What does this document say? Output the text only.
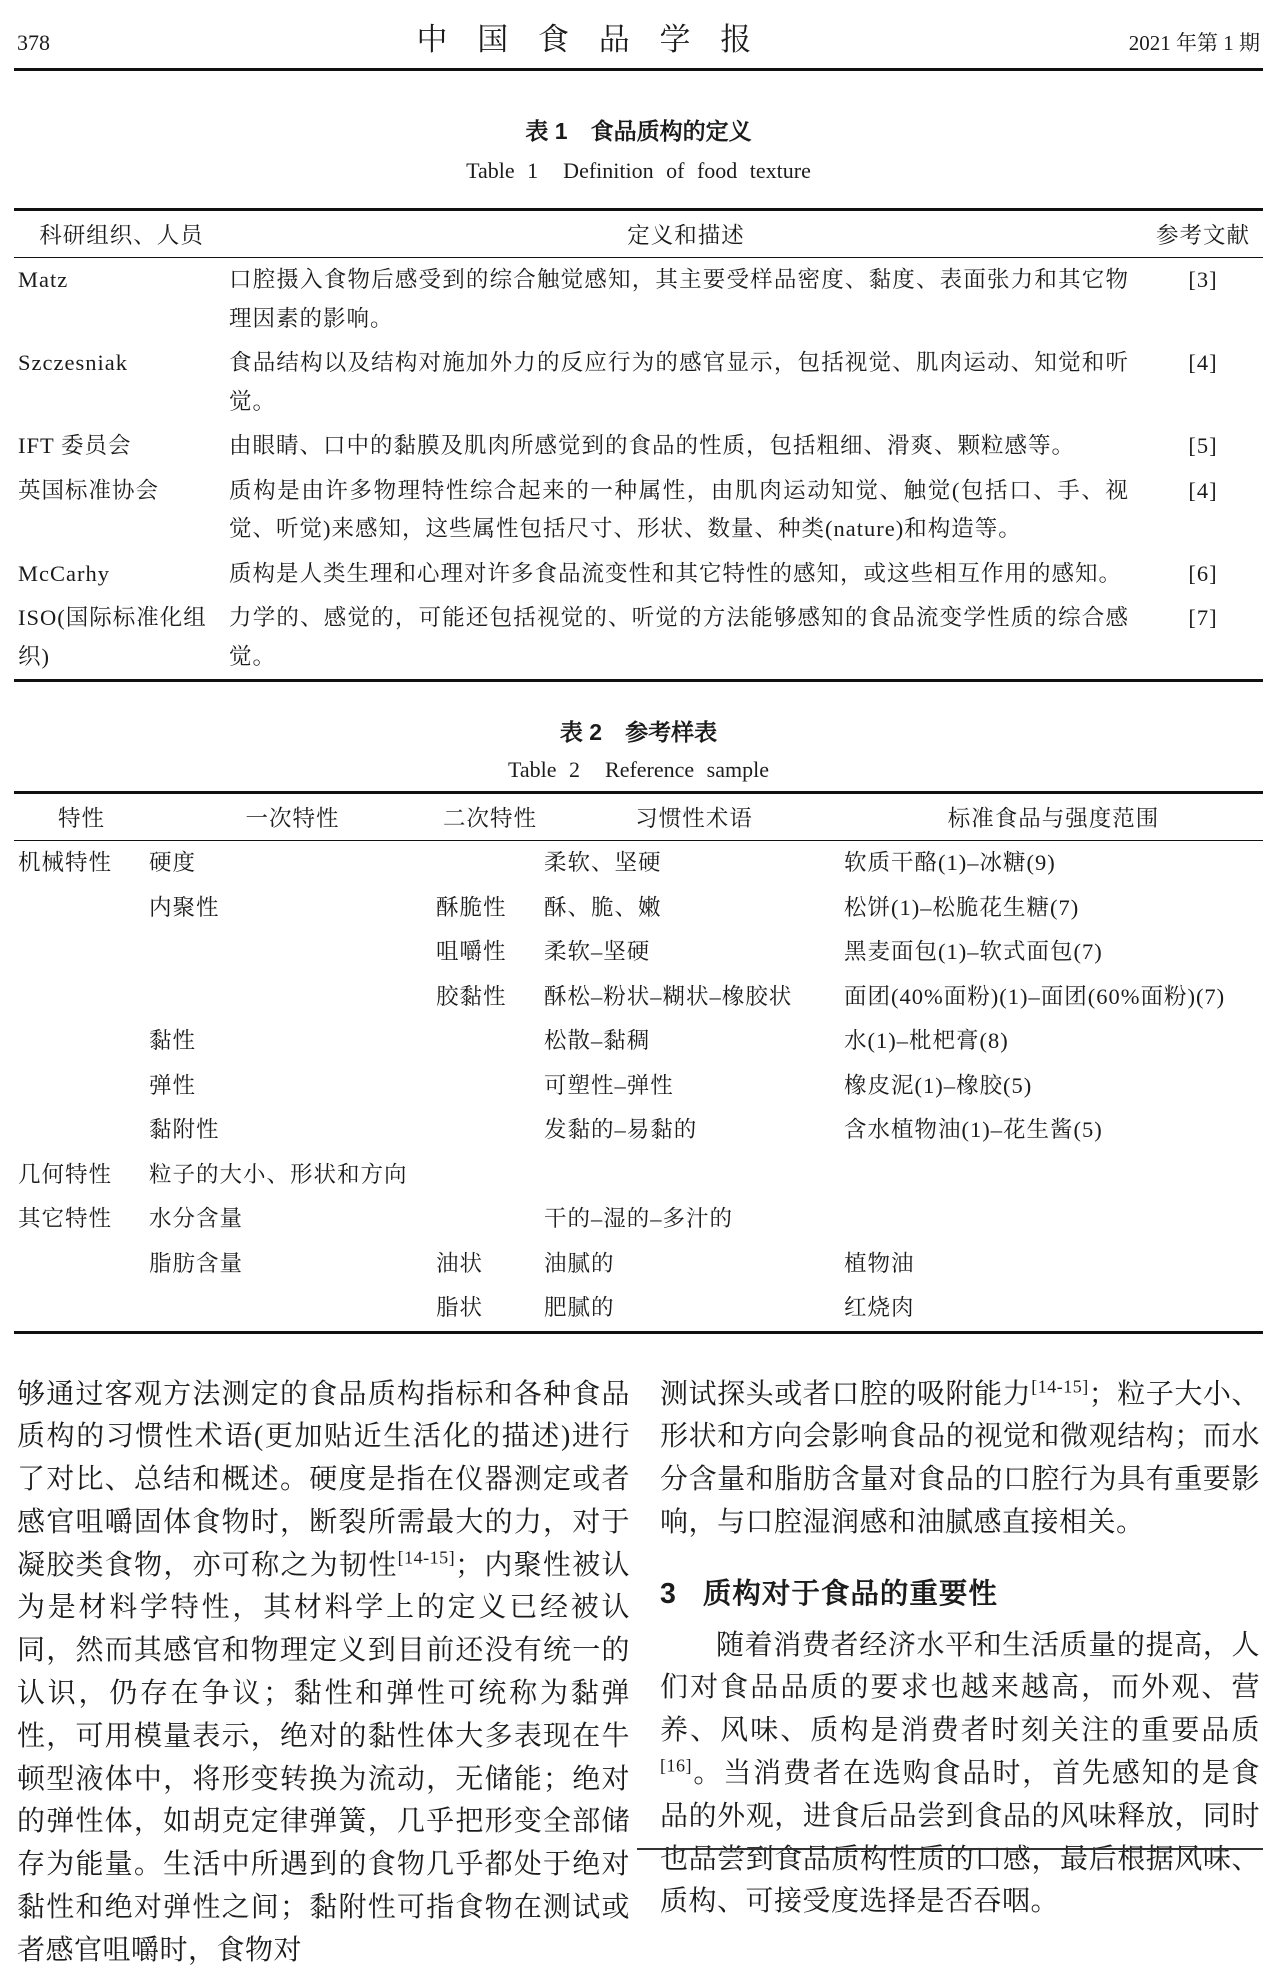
378	中 国 食 品 学 报	2021 年第 1 期
表 1　食品质构的定义
Table 1  Definition of food texture
科研组织、人员	定义和描述	参考文献
Matz	口腔摄入食物后感受到的综合触觉感知，其主要受样品密度、黏度、表面张力和其它物理因素的影响。	[3]
Szczesniak	食品结构以及结构对施加外力的反应行为的感官显示，包括视觉、肌肉运动、知觉和听觉。	[4]
IFT 委员会	由眼睛、口中的黏膜及肌肉所感觉到的食品的性质，包括粗细、滑爽、颗粒感等。	[5]
英国标准协会	质构是由许多物理特性综合起来的一种属性，由肌肉运动知觉、触觉(包括口、手、视觉、听觉)来感知，这些属性包括尺寸、形状、数量、种类(nature)和构造等。	[4]
McCarhy	质构是人类生理和心理对许多食品流变性和其它特性的感知，或这些相互作用的感知。	[6]
ISO(国际标准化组织)	力学的、感觉的，可能还包括视觉的、听觉的方法能够感知的食品流变学性质的综合感觉。	[7]
表 2　参考样表
Table 2  Reference sample
特性	一次特性	二次特性	习惯性术语	标准食品与强度范围
机械特性	硬度		柔软、坚硬	软质干酪(1)–冰糖(9)
	内聚性	酥脆性	酥、脆、嫩	松饼(1)–松脆花生糖(7)
		咀嚼性	柔软–坚硬	黑麦面包(1)–软式面包(7)
		胶黏性	酥松–粉状–糊状–橡胶状	面团(40%面粉)(1)–面团(60%面粉)(7)
	黏性		松散–黏稠	水(1)–枇杷膏(8)
	弹性		可塑性–弹性	橡皮泥(1)–橡胶(5)
	黏附性		发黏的–易黏的	含水植物油(1)–花生酱(5)
几何特性	粒子的大小、形状和方向			
其它特性	水分含量		干的–湿的–多汁的	
	脂肪含量	油状	油腻的	植物油
		脂状	肥腻的	红烧肉

够通过客观方法测定的食品质构指标和各种食品质构的习惯性术语(更加贴近生活化的描述)进行了对比、总结和概述。硬度是指在仪器测定或者感官咀嚼固体食物时，断裂所需最大的力，对于凝胶类食物，亦可称之为韧性[14-15]；内聚性被认为是材料学特性，其材料学上的定义已经被认同，然而其感官和物理定义到目前还没有统一的认识，仍存在争议；黏性和弹性可统称为黏弹性，可用模量表示，绝对的黏性体大多表现在牛顿型液体中，将形变转换为流动，无储能；绝对的弹性体，如胡克定律弹簧，几乎把形变全部储存为能量。生活中所遇到的食物几乎都处于绝对黏性和绝对弹性之间；黏附性可指食物在测试或者感官咀嚼时，食物对

测试探头或者口腔的吸附能力[14-15]；粒子大小、形状和方向会影响食品的视觉和微观结构；而水分含量和脂肪含量对食品的口腔行为具有重要影响，与口腔湿润感和油腻感直接相关。

3 质构对于食品的重要性

随着消费者经济水平和生活质量的提高，人们对食品品质的要求也越来越高，而外观、营养、风味、质构是消费者时刻关注的重要品质[16]。当消费者在选购食品时，首先感知的是食品的外观，进食后品尝到食品的风味释放，同时也品尝到食品质构性质的口感，最后根据风味、质构、可接受度选择是否吞咽。
